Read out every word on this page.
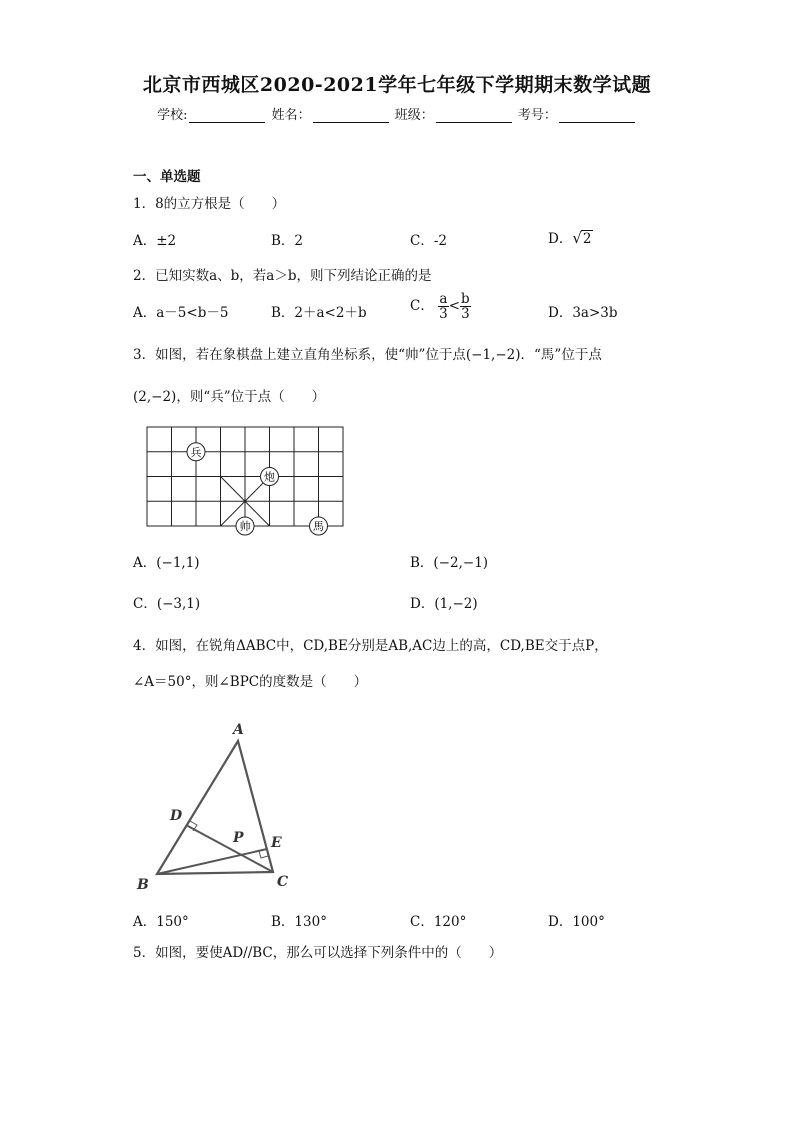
北京市西城区2020-2021学年七年级下学期期末数学试题
学校:	姓名：	班级：	考号：
一、单选题
1．8的立方根是（　　）
A．±2	B．2	C．-2	D．√2
2．已知实数a、b，若a＞b，则下列结论正确的是
A．a－5<b－5	B．2＋a<2＋b	C． $\frac{a}{3} < \frac{b}{3}$	D．3a>3b
3．如图，若在象棋盘上建立直角坐标系，使“帅”位于点(−1,−2)．“馬”位于点
(2,−2)，则“兵”位于点（　　）
兵
炮
帅	馬
A．(−1,1)	B．(−2,−1)
C．(−3,1)	D．(1,−2)
4．如图，在锐角ΔABC中，CD,BE分别是AB,AC边上的高，CD,BE交于点P，
∠A＝50°，则∠BPC的度数是（　　）
A
B	C
D
E
P
A．150°	B．130°	C．120°	D．100°
5．如图，要使AD//BC，那么可以选择下列条件中的（　　）
